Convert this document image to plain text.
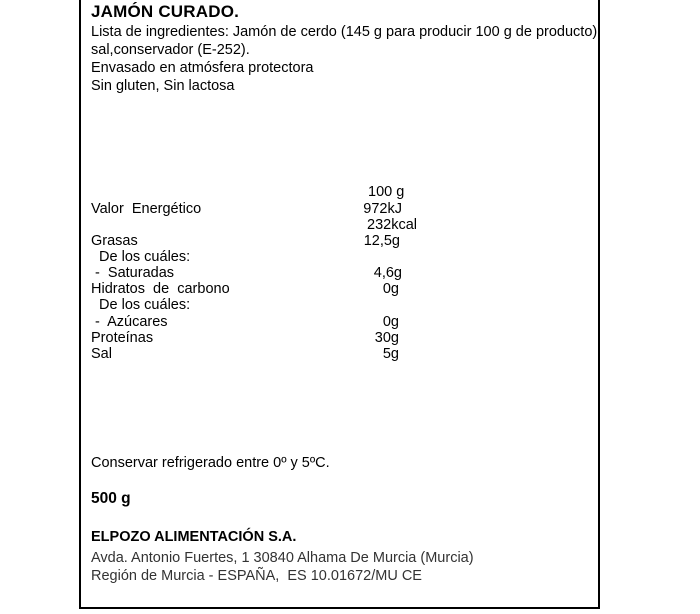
JAMÓN CURADO.
Lista de ingredientes: Jamón de cerdo (145 g para producir 100 g de producto),
sal,conservador (E-252).
Envasado en atmósfera protectora
Sin gluten, Sin lactosa
100 g
Valor  Energético	972kJ
232kcal
Grasas	12,5g
De los cuáles:
-  Saturadas	4,6g
Hidratos  de  carbono	0g
De los cuáles:
-  Azúcares	0g
Proteínas	30g
Sal	5g
Conservar refrigerado entre 0º y 5ºC.
500 g
ELPOZO ALIMENTACIÓN S.A.
Avda. Antonio Fuertes, 1 30840 Alhama De Murcia (Murcia)
Región de Murcia - ESPAÑA,  ES 10.01672/MU CE
